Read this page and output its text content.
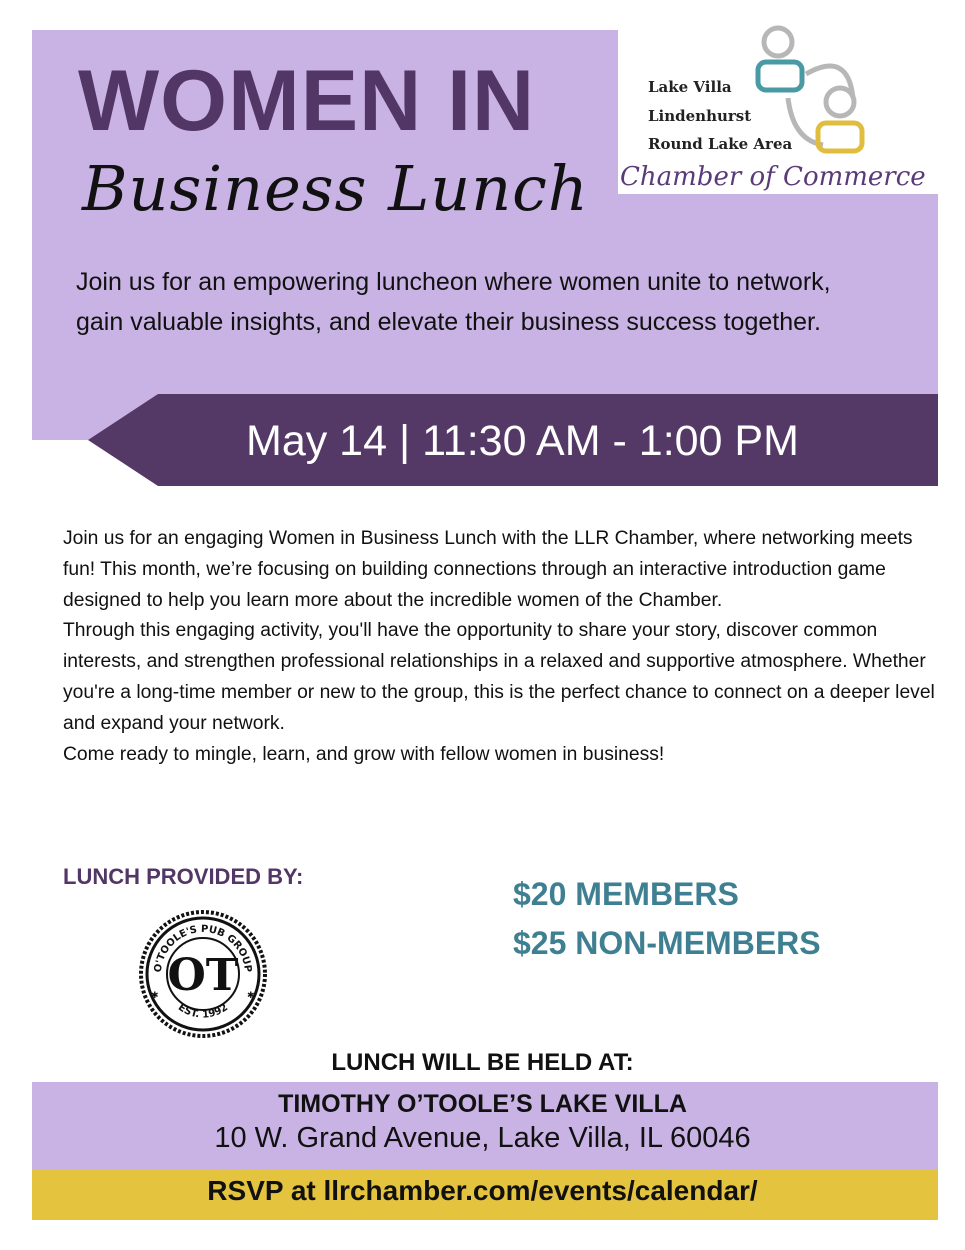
Lake Villa
Lindenhurst
Round Lake Area
Chamber of Commerce
WOMEN IN
Business Lunch

Join us for an empowering luncheon where women unite to network, gain valuable insights, and elevate their business success together.

May 14 | 11:30 AM - 1:00 PM

Join us for an engaging Women in Business Lunch with the LLR Chamber, where networking meets fun! This month, we’re focusing on building connections through an interactive introduction game designed to help you learn more about the incredible women of the Chamber.

Through this engaging activity, you'll have the opportunity to share your story, discover common interests, and strengthen professional relationships in a relaxed and supportive atmosphere. Whether you're a long-time member or new to the group, this is the perfect chance to connect on a deeper level and expand your network.

Come ready to mingle, learn, and grow with fellow women in business!

LUNCH PROVIDED BY:
O'TOOLE'S PUB GROUP
EST. 1992
OT
✱	✱
$20 MEMBERS
$25 NON-MEMBERS
LUNCH WILL BE HELD AT:
TIMOTHY O’TOOLE’S LAKE VILLA
10 W. Grand Avenue, Lake Villa, IL 60046
RSVP at llrchamber.com/events/calendar/
